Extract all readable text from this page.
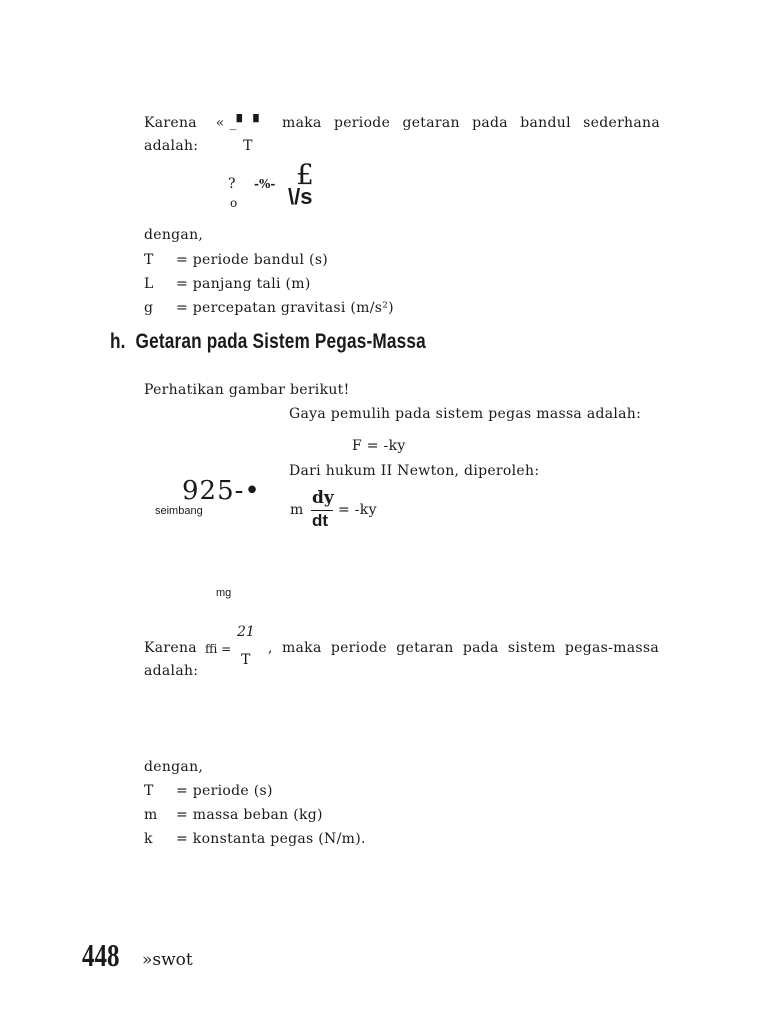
Karena « _▘▝ maka periode getaran pada bandul sederhana
adalah:	T
? -%- £
\/s
o
dengan,
T	= periode bandul (s)
L	= panjang tali (m)
g	= percepatan gravitasi (m/s²)
h.  Getaran pada Sistem Pegas-Massa
Perhatikan gambar berikut!
Gaya pemulih pada sistem pegas massa adalah:
F = -ky
Dari hukum II Newton, diperoleh:
925-•
seimbang
mg
m
dy
dt
= -ky
Karena ffi =
21
T
, maka periode getaran pada sistem pegas-massa
adalah:
dengan,
T	= periode (s)
m	= massa beban (kg)
k	= konstanta pegas (N/m).
448 »swot
